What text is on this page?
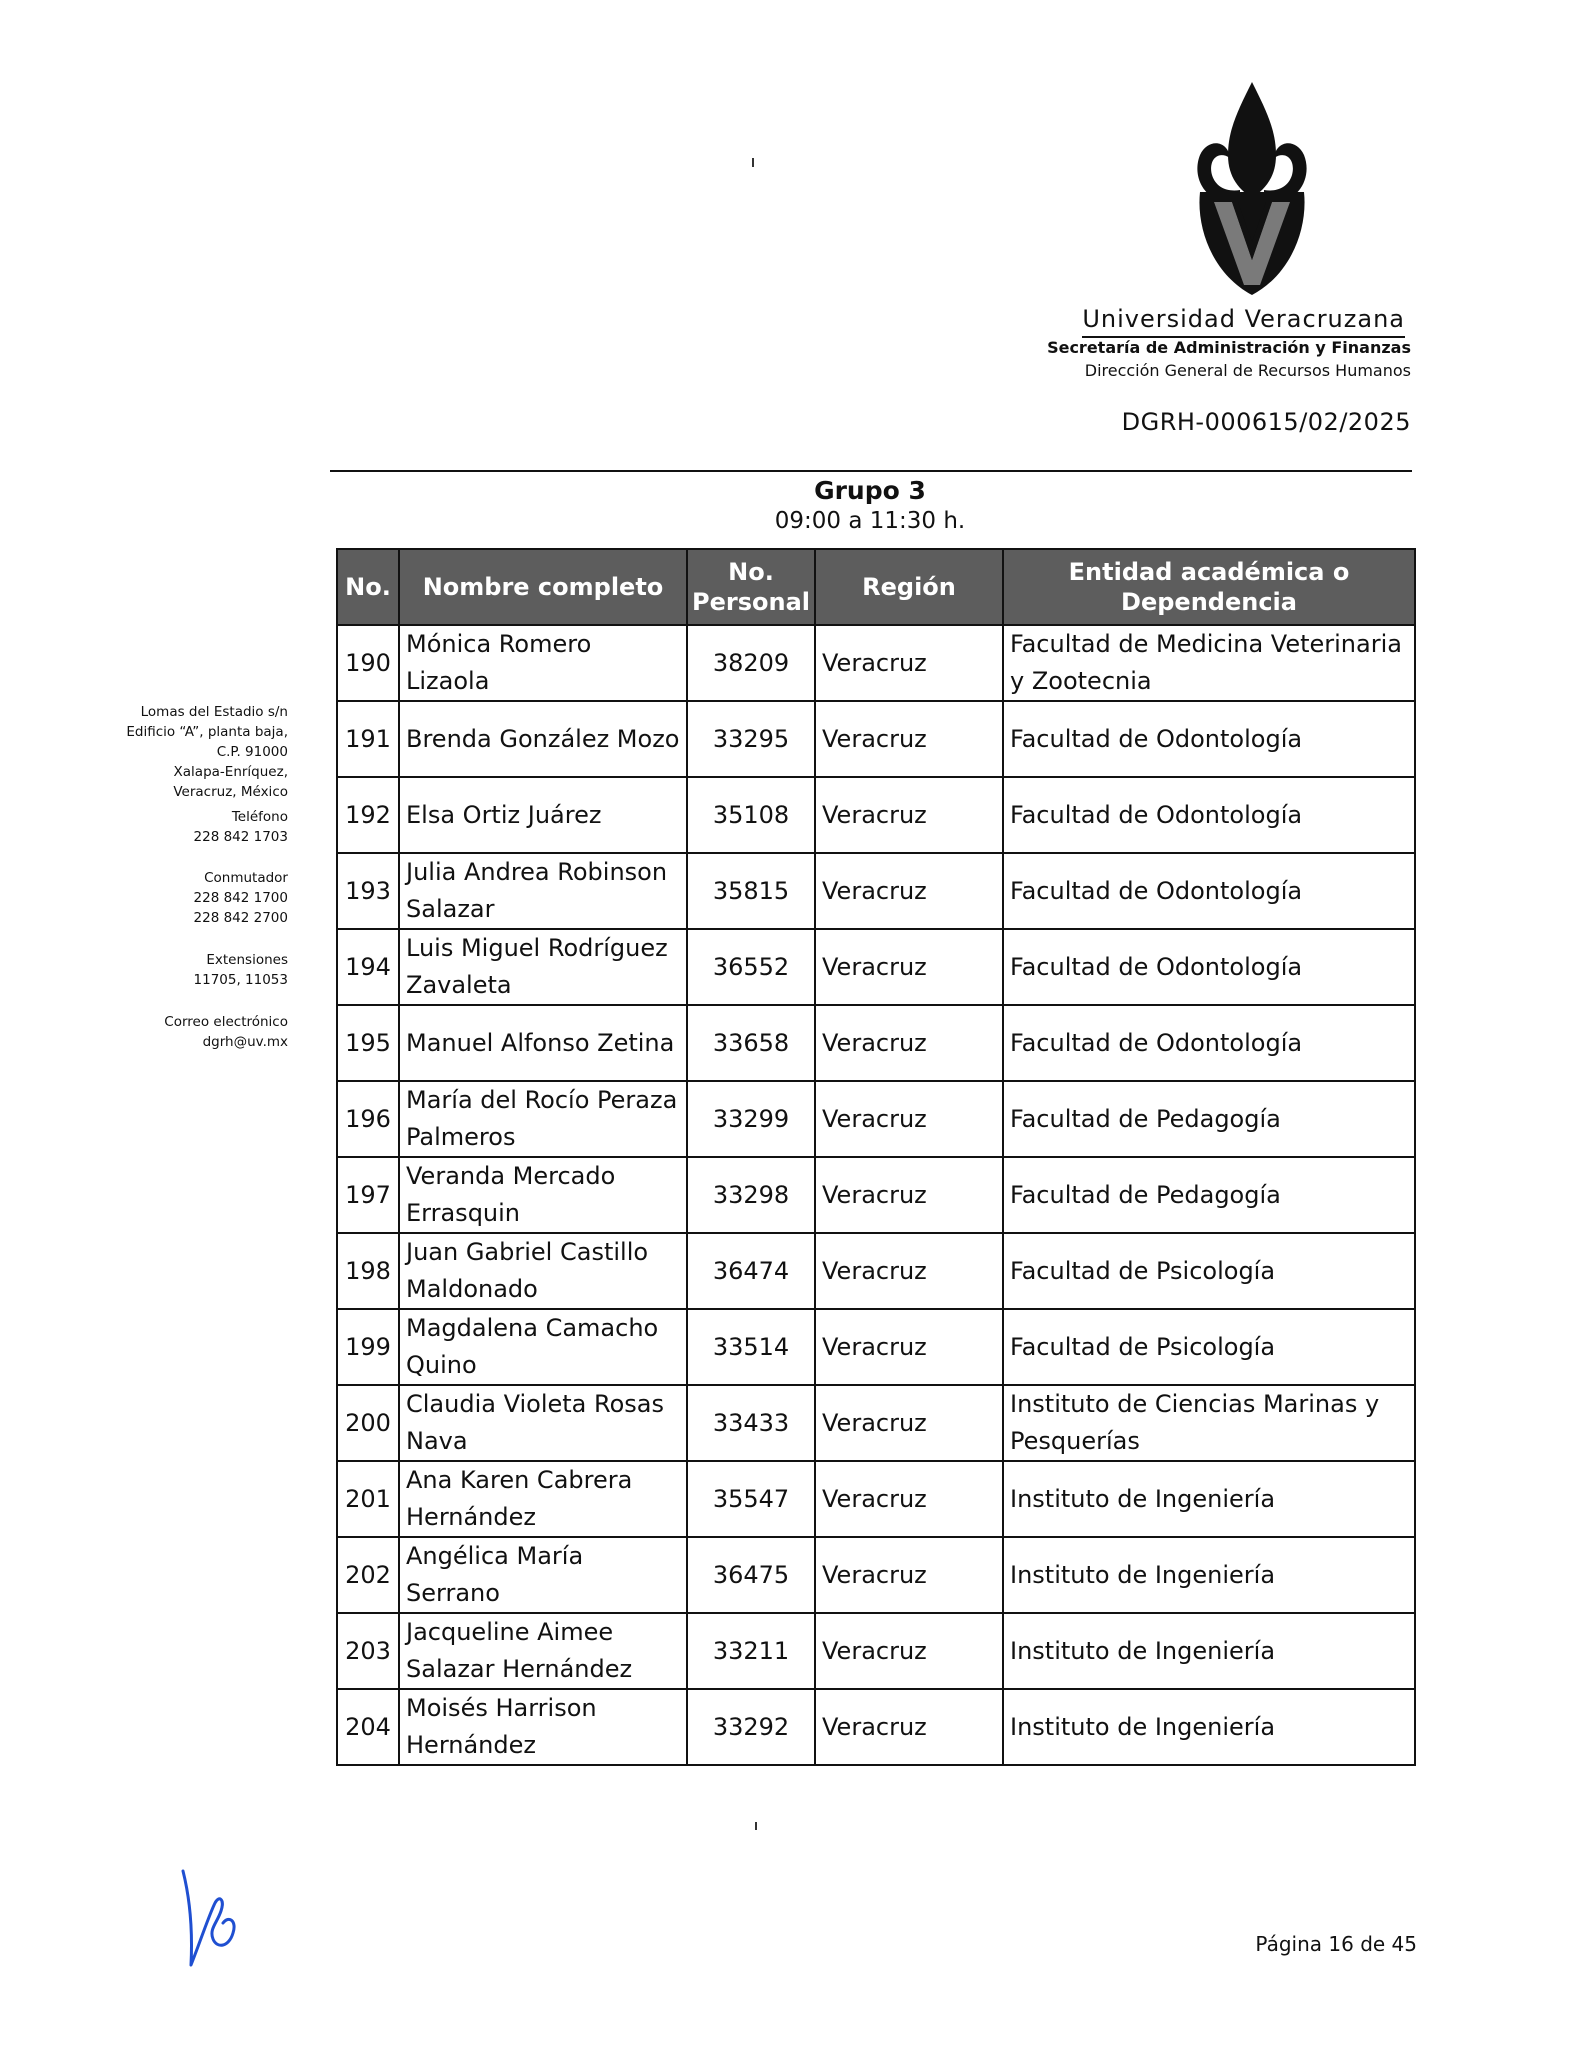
Universidad Veracruzana
Secretaría de Administración y Finanzas
Dirección General de Recursos Humanos
DGRH-000615/02/2025
Grupo 3
09:00 a 11:30 h.
Lomas del Estadio s/n
Edificio “A”, planta baja,
C.P. 91000
Xalapa-Enríquez,
Veracruz, México
Teléfono
228 842 1703
Conmutador
228 842 1700
228 842 2700
Extensiones
11705, 11053
Correo electrónico
dgrh@uv.mx
No.	Nombre completo	No. Personal	Región	Entidad académica o Dependencia
190	Mónica Romero Lizaola	38209	Veracruz	Facultad de Medicina Veterinaria y Zootecnia
191	Brenda González Mozo	33295	Veracruz	Facultad de Odontología
192	Elsa Ortiz Juárez	35108	Veracruz	Facultad de Odontología
193	Julia Andrea Robinson Salazar	35815	Veracruz	Facultad de Odontología
194	Luis Miguel Rodríguez Zavaleta	36552	Veracruz	Facultad de Odontología
195	Manuel Alfonso Zetina	33658	Veracruz	Facultad de Odontología
196	María del Rocío Peraza Palmeros	33299	Veracruz	Facultad de Pedagogía
197	Veranda Mercado Errasquin	33298	Veracruz	Facultad de Pedagogía
198	Juan Gabriel Castillo Maldonado	36474	Veracruz	Facultad de Psicología
199	Magdalena Camacho Quino	33514	Veracruz	Facultad de Psicología
200	Claudia Violeta Rosas Nava	33433	Veracruz	Instituto de Ciencias Marinas y Pesquerías
201	Ana Karen Cabrera Hernández	35547	Veracruz	Instituto de Ingeniería
202	Angélica María Serrano	36475	Veracruz	Instituto de Ingeniería
203	Jacqueline Aimee Salazar Hernández	33211	Veracruz	Instituto de Ingeniería
204	Moisés Harrison Hernández	33292	Veracruz	Instituto de Ingeniería
Página 16 de 45
